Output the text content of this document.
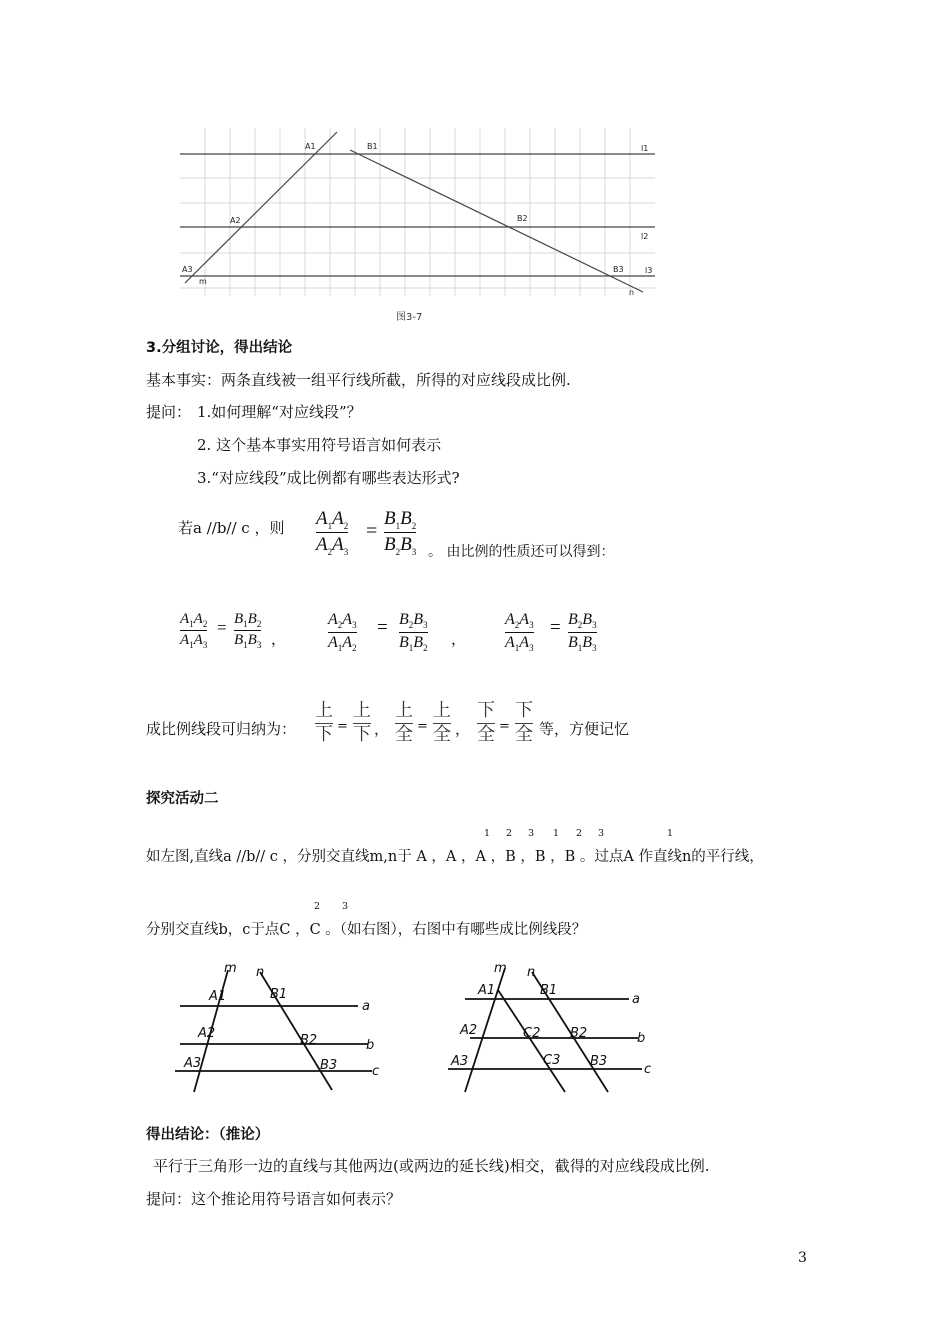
A1	B1	l1
A2	B2
l2
A3	B3	l3
m
n
图3-7
3.分组讨论，得出结论
基本事实：两条直线被一组平行线所截，所得的对应线段成比例.
提问： 1.如何理解“对应线段”？
2. 这个基本事实用符号语言如何表示
3.“对应线段”成比例都有哪些表达形式?
若a //b// c ，则 $A_1A_2$
$A_2A_3$
=
$B_1B_2$
$B_2B_3$ 。 由比例的性质还可以得到：
$A_1A_2$
$A_1A_3$
= $B_1B_2$
$B_1B_3$ ，
$A_2A_3$
$A_1A_2$
= $B_2B_3$
$B_1B_2$ ，
$A_2A_3$
$A_1A_3$
= $B_2B_3$
$B_1B_3$
成比例线段可归纳为：
上
下 =
上
下 ，
上
全 =
上
全 ，
下
全 =
下
全 等，方便记忆
探究活动二
如左图,直线a //b// c ，分别交直线m,n于 A ，A ，A ，B ，B ，B 。过点A 作直线n的平行线，
1 2 3 1 2 3	1
分别交直线b，c于点C ，C 。（如右图），右图中有哪些成比例线段？
2 3
m n
A1	B1
a
A2	B2	b
A3	B3	c
m n
A1	B1
a
A2	C2 B2	b
A3	C3 B3
c
得出结论：（推论）
平行于三角形一边的直线与其他两边(或两边的延长线)相交，截得的对应线段成比例.
提问：这个推论用符号语言如何表示？
3
